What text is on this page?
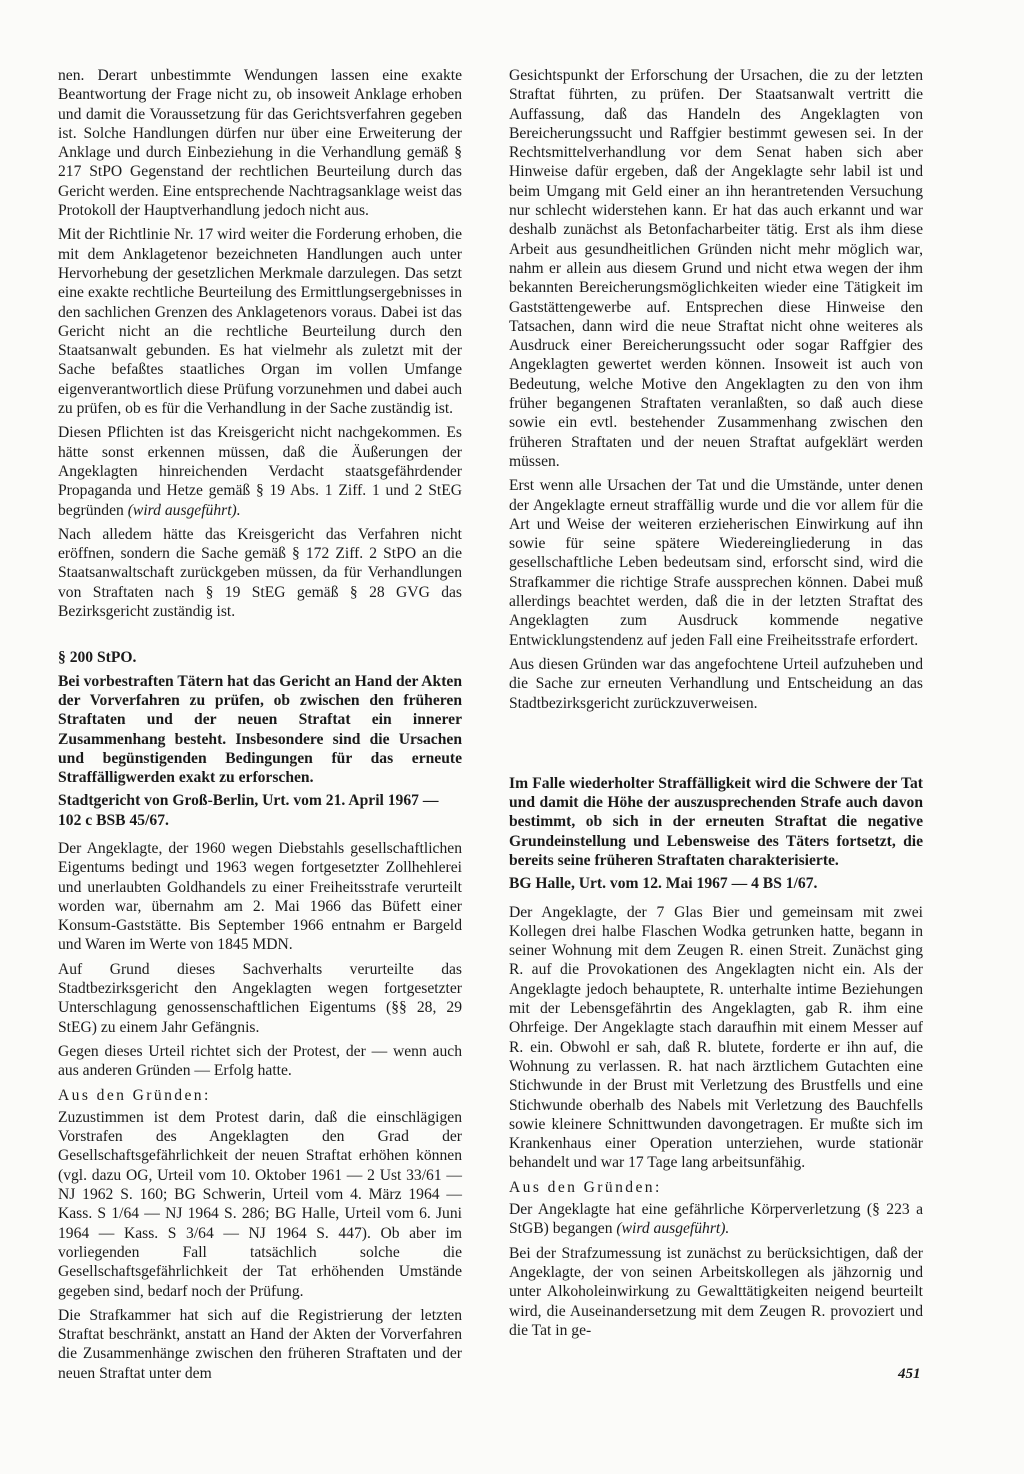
nen. Derart unbestimmte Wendungen lassen eine exakte Beantwortung der Frage nicht zu, ob insoweit Anklage erhoben und damit die Voraussetzung für das Gerichtsverfahren gegeben ist. Solche Handlungen dürfen nur über eine Erweiterung der Anklage und durch Einbeziehung in die Verhandlung gemäß § 217 StPO Gegenstand der rechtlichen Beurteilung durch das Gericht werden. Eine entsprechende Nachtragsanklage weist das Protokoll der Hauptverhandlung jedoch nicht aus.

Mit der Richtlinie Nr. 17 wird weiter die Forderung erhoben, die mit dem Anklagetenor bezeichneten Handlungen auch unter Hervorhebung der gesetzlichen Merkmale darzulegen. Das setzt eine exakte rechtliche Beurteilung des Ermittlungsergebnisses in den sachlichen Grenzen des Anklagetenors voraus. Dabei ist das Gericht nicht an die rechtliche Beurteilung durch den Staatsanwalt gebunden. Es hat vielmehr als zuletzt mit der Sache befaßtes staatliches Organ im vollen Umfange eigenverantwortlich diese Prüfung vorzunehmen und dabei auch zu prüfen, ob es für die Verhandlung in der Sache zuständig ist.

Diesen Pflichten ist das Kreisgericht nicht nachgekommen. Es hätte sonst erkennen müssen, daß die Äußerungen der Angeklagten hinreichenden Verdacht staatsgefährdender Propaganda und Hetze gemäß § 19 Abs. 1 Ziff. 1 und 2 StEG begründen (wird ausgeführt).

Nach alledem hätte das Kreisgericht das Verfahren nicht eröffnen, sondern die Sache gemäß § 172 Ziff. 2 StPO an die Staatsanwaltschaft zurückgeben müssen, da für Verhandlungen von Straftaten nach § 19 StEG gemäß § 28 GVG das Bezirksgericht zuständig ist.

§ 200 StPO.

Bei vorbestraften Tätern hat das Gericht an Hand der Akten der Vorverfahren zu prüfen, ob zwischen den früheren Straftaten und der neuen Straftat ein innerer Zusammenhang besteht. Insbesondere sind die Ursachen und begünstigenden Bedingungen für das erneute Straffälligwerden exakt zu erforschen.

Stadtgericht von Groß-Berlin, Urt. vom 21. April 1967 — 102 c BSB 45/67.

Der Angeklagte, der 1960 wegen Diebstahls gesellschaftlichen Eigentums bedingt und 1963 wegen fortgesetzter Zollhehlerei und unerlaubten Goldhandels zu einer Freiheitsstrafe verurteilt worden war, übernahm am 2. Mai 1966 das Büfett einer Konsum-Gaststätte. Bis September 1966 entnahm er Bargeld und Waren im Werte von 1845 MDN.

Auf Grund dieses Sachverhalts verurteilte das Stadtbezirksgericht den Angeklagten wegen fortgesetzter Unterschlagung genossenschaftlichen Eigentums (§§ 28, 29 StEG) zu einem Jahr Gefängnis.

Gegen dieses Urteil richtet sich der Protest, der — wenn auch aus anderen Gründen — Erfolg hatte.

Aus den Gründen:

Zuzustimmen ist dem Protest darin, daß die einschlägigen Vorstrafen des Angeklagten den Grad der Gesellschaftsgefährlichkeit der neuen Straftat erhöhen können (vgl. dazu OG, Urteil vom 10. Oktober 1961 — 2 Ust 33/61 — NJ 1962 S. 160; BG Schwerin, Urteil vom 4. März 1964 — Kass. S 1/64 — NJ 1964 S. 286; BG Halle, Urteil vom 6. Juni 1964 — Kass. S 3/64 — NJ 1964 S. 447). Ob aber im vorliegenden Fall tatsächlich solche die Gesellschaftsgefährlichkeit der Tat erhöhenden Umstände gegeben sind, bedarf noch der Prüfung.

Die Strafkammer hat sich auf die Registrierung der letzten Straftat beschränkt, anstatt an Hand der Akten der Vorverfahren die Zusammenhänge zwischen den früheren Straftaten und der neuen Straftat unter dem

Gesichtspunkt der Erforschung der Ursachen, die zu der letzten Straftat führten, zu prüfen. Der Staatsanwalt vertritt die Auffassung, daß das Handeln des Angeklagten von Bereicherungssucht und Raffgier bestimmt gewesen sei. In der Rechtsmittelverhandlung vor dem Senat haben sich aber Hinweise dafür ergeben, daß der Angeklagte sehr labil ist und beim Umgang mit Geld einer an ihn herantretenden Versuchung nur schlecht widerstehen kann. Er hat das auch erkannt und war deshalb zunächst als Betonfacharbeiter tätig. Erst als ihm diese Arbeit aus gesundheitlichen Gründen nicht mehr möglich war, nahm er allein aus diesem Grund und nicht etwa wegen der ihm bekannten Bereicherungsmöglichkeiten wieder eine Tätigkeit im Gaststättengewerbe auf. Entsprechen diese Hinweise den Tatsachen, dann wird die neue Straftat nicht ohne weiteres als Ausdruck einer Bereicherungssucht oder sogar Raffgier des Angeklagten gewertet werden können. Insoweit ist auch von Bedeutung, welche Motive den Angeklagten zu den von ihm früher begangenen Straftaten veranlaßten, so daß auch diese sowie ein evtl. bestehender Zusammenhang zwischen den früheren Straftaten und der neuen Straftat aufgeklärt werden müssen.

Erst wenn alle Ursachen der Tat und die Umstände, unter denen der Angeklagte erneut straffällig wurde und die vor allem für die Art und Weise der weiteren erzieherischen Einwirkung auf ihn sowie für seine spätere Wiedereingliederung in das gesellschaftliche Leben bedeutsam sind, erforscht sind, wird die Strafkammer die richtige Strafe aussprechen können. Dabei muß allerdings beachtet werden, daß die in der letzten Straftat des Angeklagten zum Ausdruck kommende negative Entwicklungstendenz auf jeden Fall eine Freiheitsstrafe erfordert.

Aus diesen Gründen war das angefochtene Urteil aufzuheben und die Sache zur erneuten Verhandlung und Entscheidung an das Stadtbezirksgericht zurückzuverweisen.

Im Falle wiederholter Straffälligkeit wird die Schwere der Tat und damit die Höhe der auszusprechenden Strafe auch davon bestimmt, ob sich in der erneuten Straftat die negative Grundeinstellung und Lebensweise des Täters fortsetzt, die bereits seine früheren Straftaten charakterisierte.

BG Halle, Urt. vom 12. Mai 1967 — 4 BS 1/67.

Der Angeklagte, der 7 Glas Bier und gemeinsam mit zwei Kollegen drei halbe Flaschen Wodka getrunken hatte, begann in seiner Wohnung mit dem Zeugen R. einen Streit. Zunächst ging R. auf die Provokationen des Angeklagten nicht ein. Als der Angeklagte jedoch behauptete, R. unterhalte intime Beziehungen mit der Lebensgefährtin des Angeklagten, gab R. ihm eine Ohrfeige. Der Angeklagte stach daraufhin mit einem Messer auf R. ein. Obwohl er sah, daß R. blutete, forderte er ihn auf, die Wohnung zu verlassen. R. hat nach ärztlichem Gutachten eine Stichwunde in der Brust mit Verletzung des Brustfells und eine Stichwunde oberhalb des Nabels mit Verletzung des Bauchfells sowie kleinere Schnittwunden davongetragen. Er mußte sich im Krankenhaus einer Operation unterziehen, wurde stationär behandelt und war 17 Tage lang arbeitsunfähig.

Aus den Gründen:

Der Angeklagte hat eine gefährliche Körperverletzung (§ 223 a StGB) begangen (wird ausgeführt).

Bei der Strafzumessung ist zunächst zu berücksichtigen, daß der Angeklagte, der von seinen Arbeitskollegen als jähzornig und unter Alkoholeinwirkung zu Gewalttätigkeiten neigend beurteilt wird, die Auseinandersetzung mit dem Zeugen R. provoziert und die Tat in ge-

451
